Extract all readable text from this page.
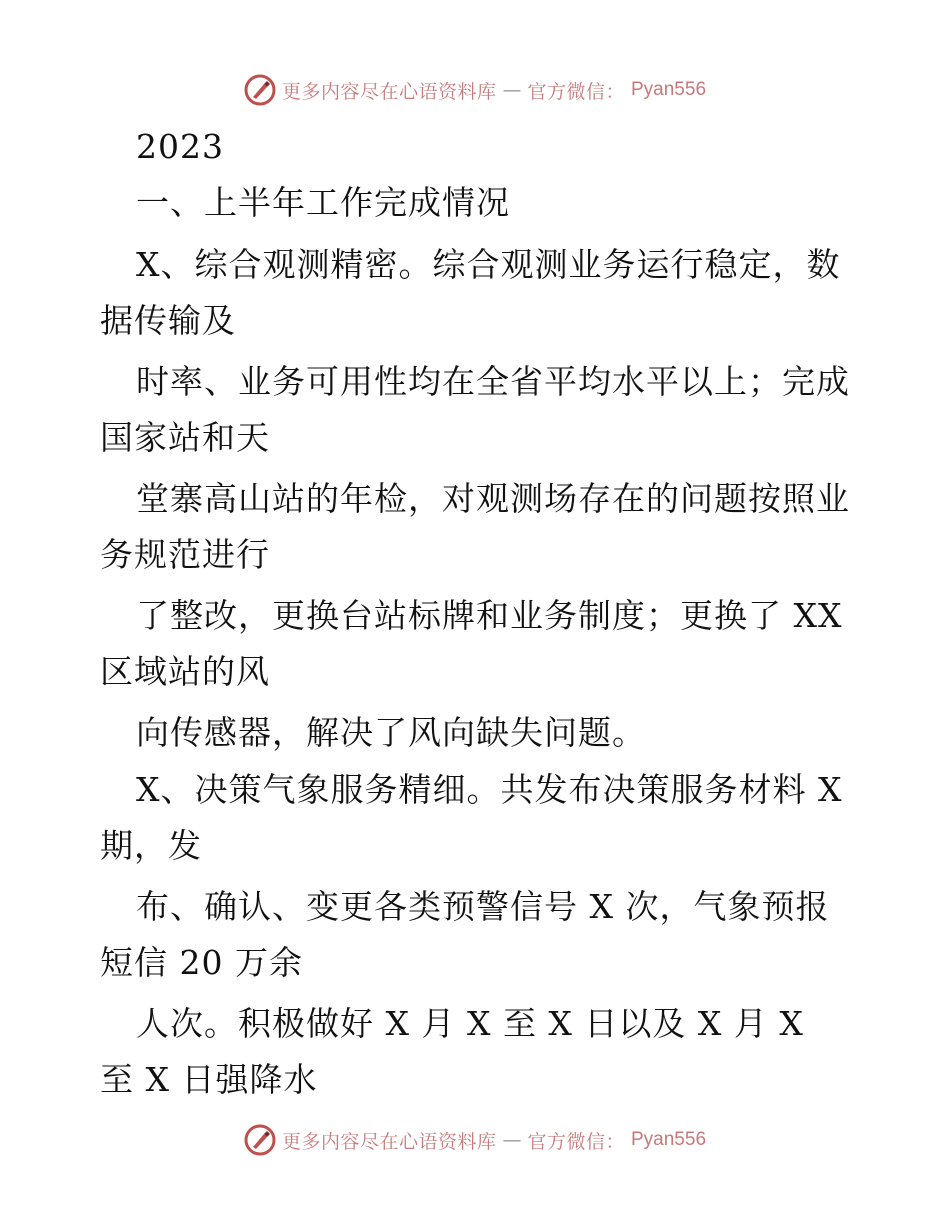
更多内容尽在心语资料库 — 官方微信： Pyan556
2023
一、上半年工作完成情况
X、综合观测精密。综合观测业务运行稳定，数
据传输及
时率、业务可用性均在全省平均水平以上；完成
国家站和天
堂寨高山站的年检，对观测场存在的问题按照业
务规范进行
了整改，更换台站标牌和业务制度；更换了 XX
区域站的风
向传感器，解决了风向缺失问题。
X、决策气象服务精细。共发布决策服务材料 X
期，发
布、确认、变更各类预警信号 X 次，气象预报
短信 20 万余
人次。积极做好 X 月 X 至 X 日以及 X 月 X
至 X 日强降水
更多内容尽在心语资料库 — 官方微信： Pyan556
